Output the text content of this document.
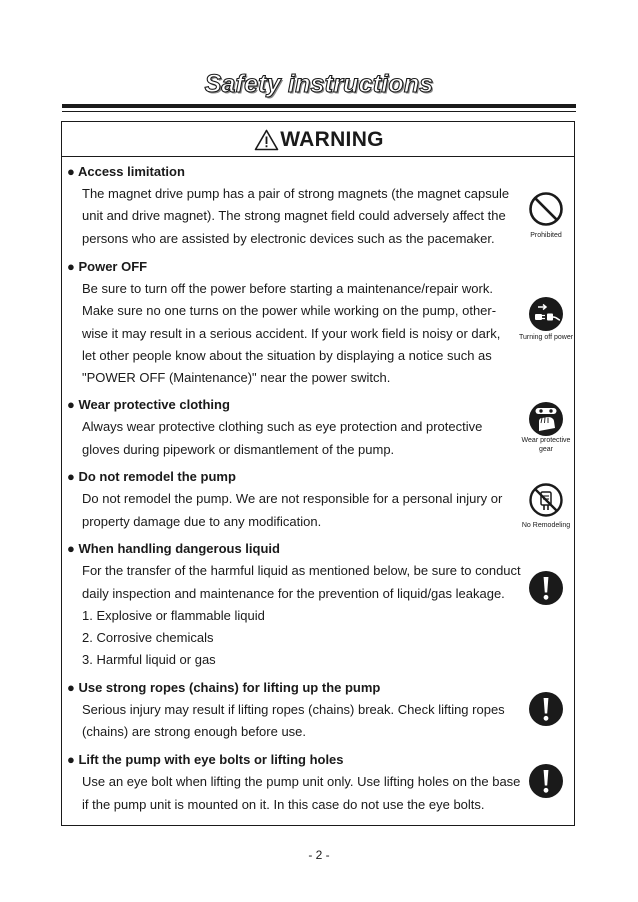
Safety instructions
WARNING
● Access limitation
The magnet drive pump has a pair of strong magnets (the magnet capsule
unit and drive magnet). The strong magnet field could adversely affect the
persons who are assisted by electronic devices such as the pacemaker.	Prohibited
● Power OFF
Be sure to turn off the power before starting a maintenance/repair work.
Make sure no one turns on the power while working on the pump, other-
wise it may result in a serious accident. If your work field is noisy or dark,
let other people know about the situation by displaying a notice such as
"POWER OFF (Maintenance)" near the power switch.
Turning off power
● Wear protective clothing
Always wear protective clothing such as eye protection and protective
gloves during pipework or dismantlement of the pump.
Wear protective
gear
● Do not remodel the pump
Do not remodel the pump. We are not responsible for a personal injury or
property damage due to any modification.	No Remodeling
● When handling dangerous liquid
For the transfer of the harmful liquid as mentioned below, be sure to conduct
daily inspection and maintenance for the prevention of liquid/gas leakage.
1. Explosive or flammable liquid
2. Corrosive chemicals
3. Harmful liquid or gas
● Use strong ropes (chains) for lifting up the pump
Serious injury may result if lifting ropes (chains) break. Check lifting ropes
(chains) are strong enough before use.
● Lift the pump with eye bolts or lifting holes
Use an eye bolt when lifting the pump unit only. Use lifting holes on the base
if the pump unit is mounted on it. In this case do not use the eye bolts.
- 2 -
